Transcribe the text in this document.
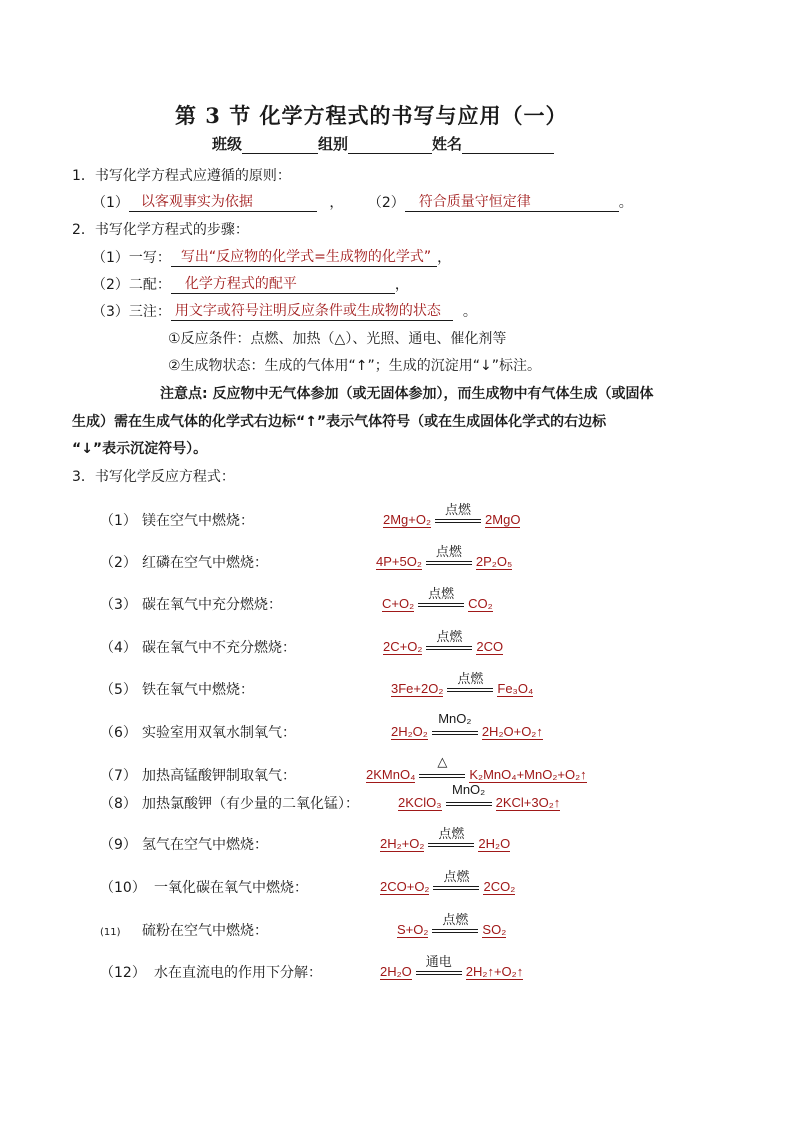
第 3 节 化学方程式的书写与应用（一）
班级	组别	姓名
1．书写化学方程式应遵循的原则：
（1） 以客观事实为依据	， （2） 符合质量守恒定律	。
2．书写化学方程式的步骤：
（1）一写： 写出“反应物的化学式=生成物的化学式” ，
（2）二配： 化学方程式的配平	，
（3）三注： 用文字或符号注明反应条件或生成物的状态 。
①反应条件：点燃、加热（△）、光照、通电、催化剂等
②生成物状态：生成的气体用“↑”；生成的沉淀用“↓”标注。
注意点: 反应物中无气体参加（或无固体参加），而生成物中有气体生成（或固体
生成）需在生成气体的化学式右边标“↑”表示气体符号（或在生成固体化学式的右边标
“↓”表示沉淀符号）。
3．书写化学反应方程式：
（1） 镁在空气中燃烧：	2Mg+O₂
点燃
2MgO
（2） 红磷在空气中燃烧：	4P+5O₂
点燃
2P₂O₅
（3） 碳在氧气中充分燃烧：	C+O₂
点燃
CO₂
（4） 碳在氧气中不充分燃烧：	2C+O₂
点燃
2CO
（5） 铁在氧气中燃烧：	3Fe+2O₂
点燃
Fe₃O₄
（6） 实验室用双氧水制氧气：	2H₂O₂
MnO₂
2H₂O+O₂↑
（7） 加热高锰酸钾制取氧气：	2KMnO₄
△
K₂MnO₄+MnO₂+O₂↑
（8） 加热氯酸钾（有少量的二氧化锰）：	2KClO₃
MnO₂
2KCl+3O₂↑
（9） 氢气在空气中燃烧：	2H₂+O₂
点燃
2H₂O
（10） 一氧化碳在氧气中燃烧：	2CO+O₂
点燃
2CO₂
(11) 硫粉在空气中燃烧：	S+O₂
点燃
SO₂
（12） 水在直流电的作用下分解：	2H₂O
通电
2H₂↑+O₂↑
